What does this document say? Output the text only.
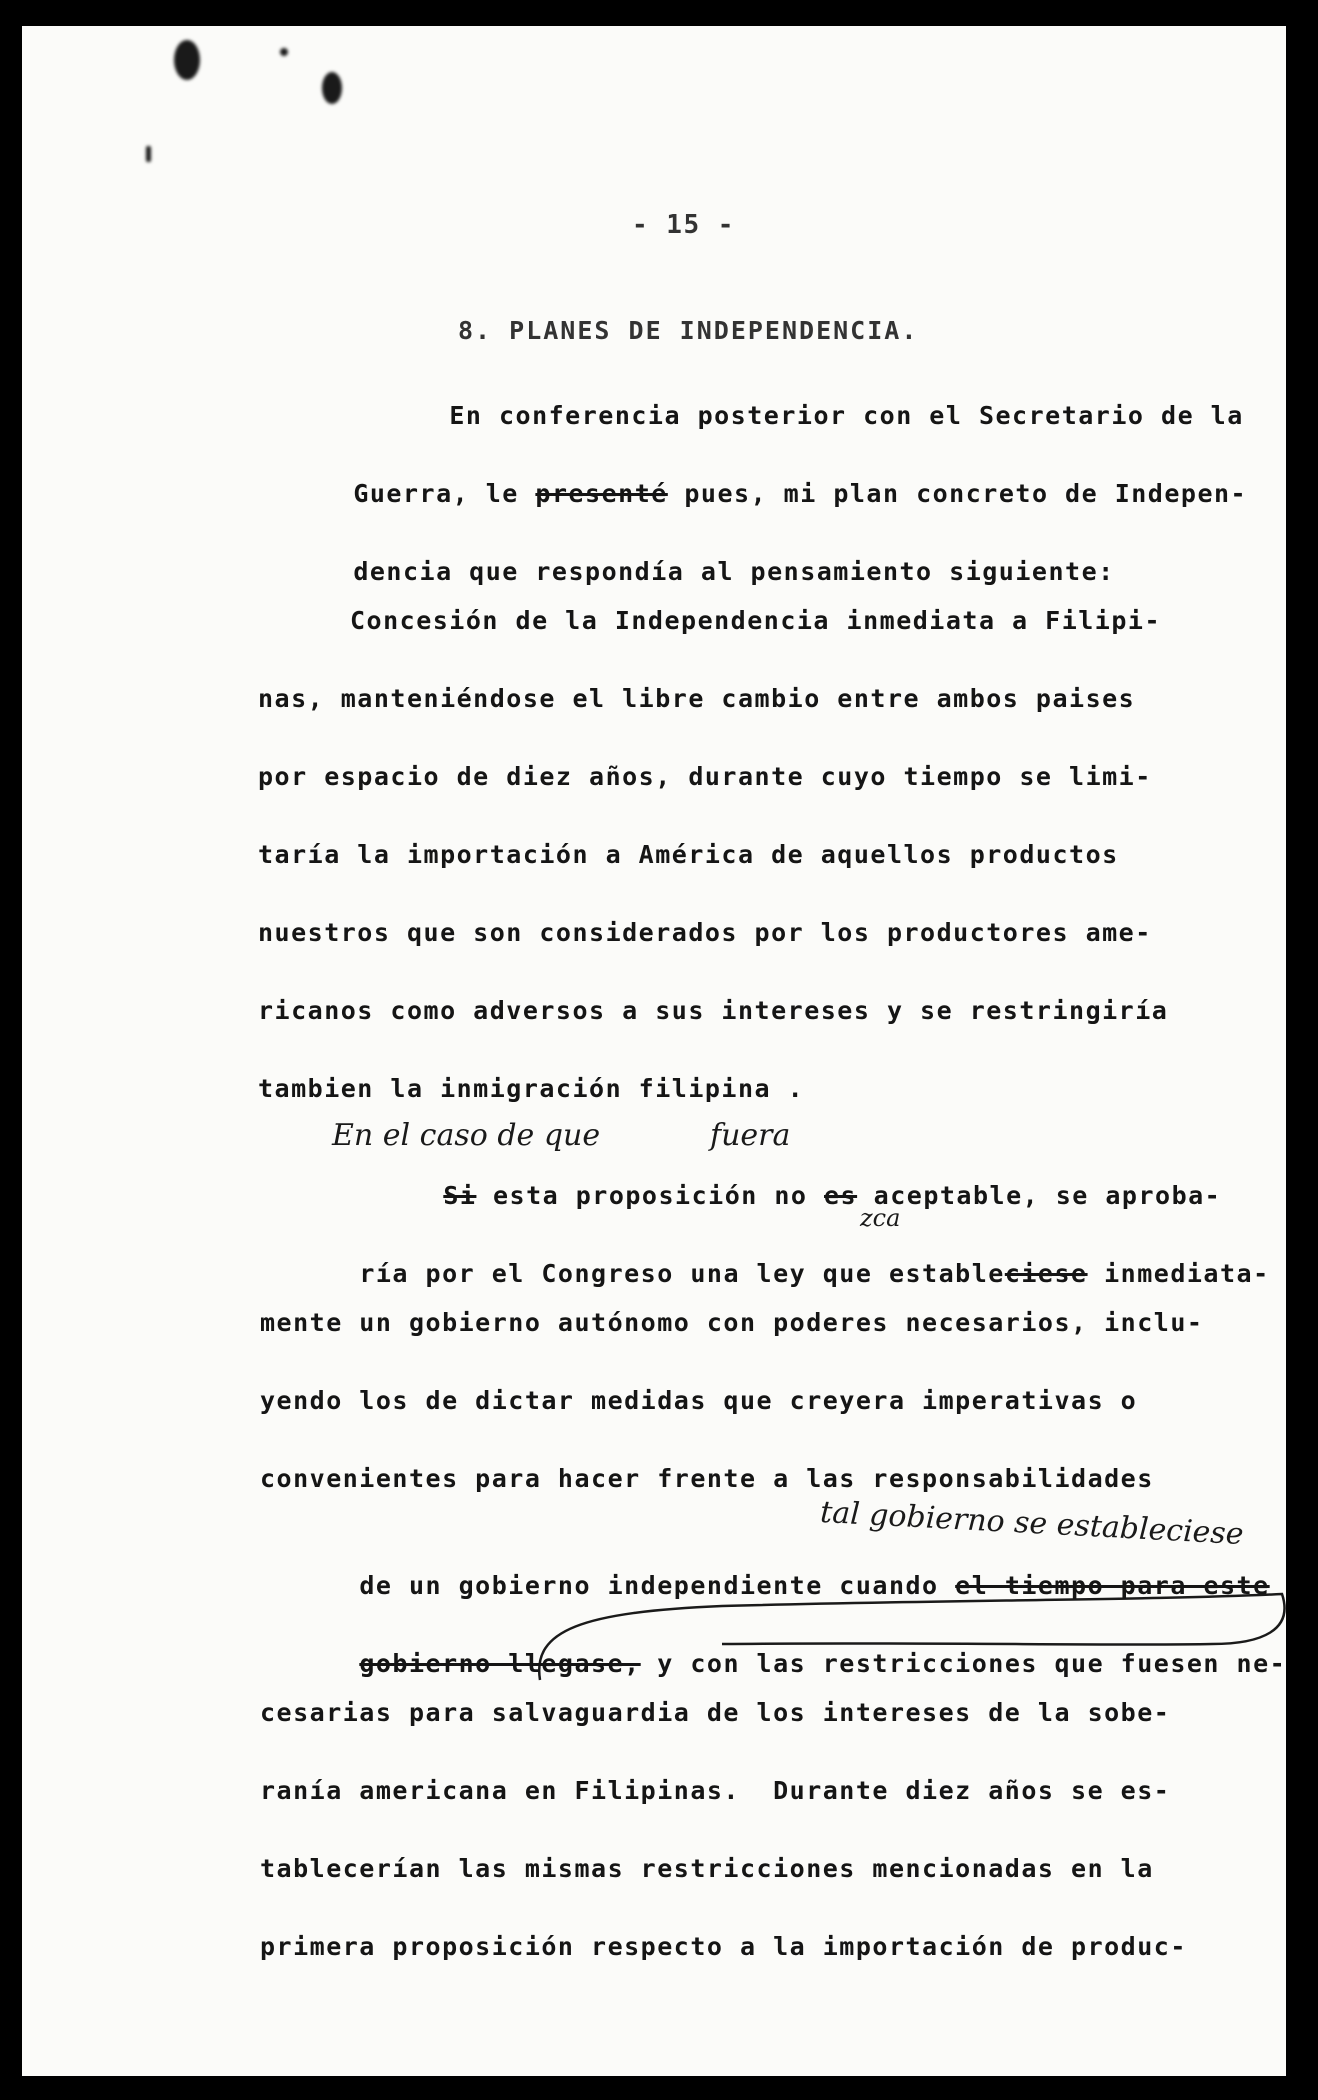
- 15 -
8. PLANES DE INDEPENDENCIA.

En conferencia posterior con el Secretario de la

Guerra, le presenté pues, mi plan concreto de Indepen-

dencia que respondía al pensamiento siguiente:

Concesión de la Independencia inmediata a Filipi-
nas, manteniéndose el libre cambio entre ambos paises
por espacio de diez años, durante cuyo tiempo se limi-
taría la importación a América de aquellos productos
nuestros que son considerados por los productores ame-
ricanos como adversos a sus intereses y se restringiría
tambien la inmigración filipina .
En el caso de que	fuera

Si esta proposición no es aceptable, se aproba-

zca

ría por el Congreso una ley que estableciese inmediata-

mente un gobierno autónomo con poderes necesarios, inclu-
yendo los de dictar medidas que creyera imperativas o
convenientes para hacer frente a las responsabilidades
tal gobierno se estableciese

de un gobierno independiente cuando el tiempo para este

gobierno llegase, y con las restricciones que fuesen ne-

cesarias para salvaguardia de los intereses de la sobe-
ranía americana en Filipinas.  Durante diez años se es-
tablecerían las mismas restricciones mencionadas en la
primera proposición respecto a la importación de produc-
